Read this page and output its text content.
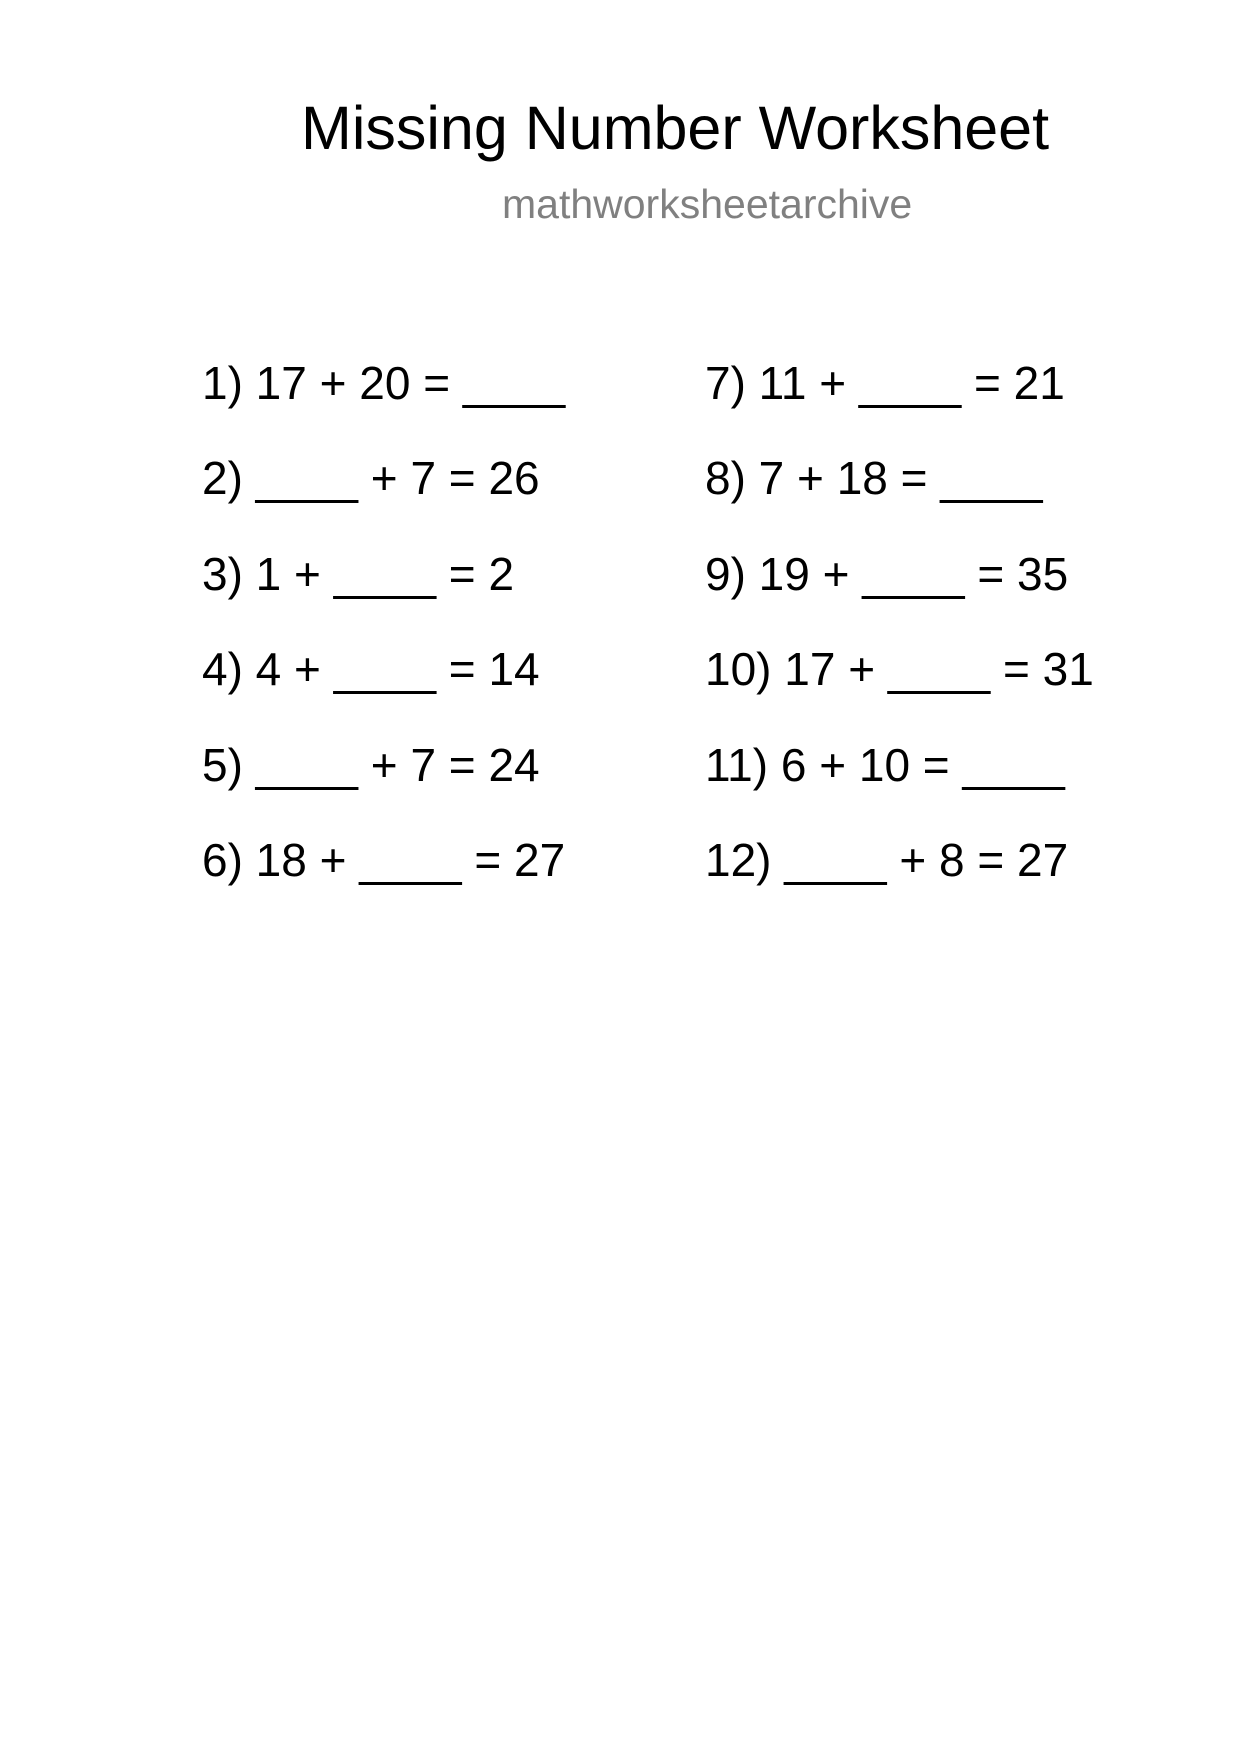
Missing Number Worksheet
mathworksheetarchive
1) 17 + 20 = ____
2) ____ + 7 = 26
3) 1 + ____ = 2
4) 4 + ____ = 14
5) ____ + 7 = 24
6) 18 + ____ = 27
7) 11 + ____ = 21
8) 7 + 18 = ____
9) 19 + ____ = 35
10) 17 + ____ = 31
11) 6 + 10 = ____
12) ____ + 8 = 27
